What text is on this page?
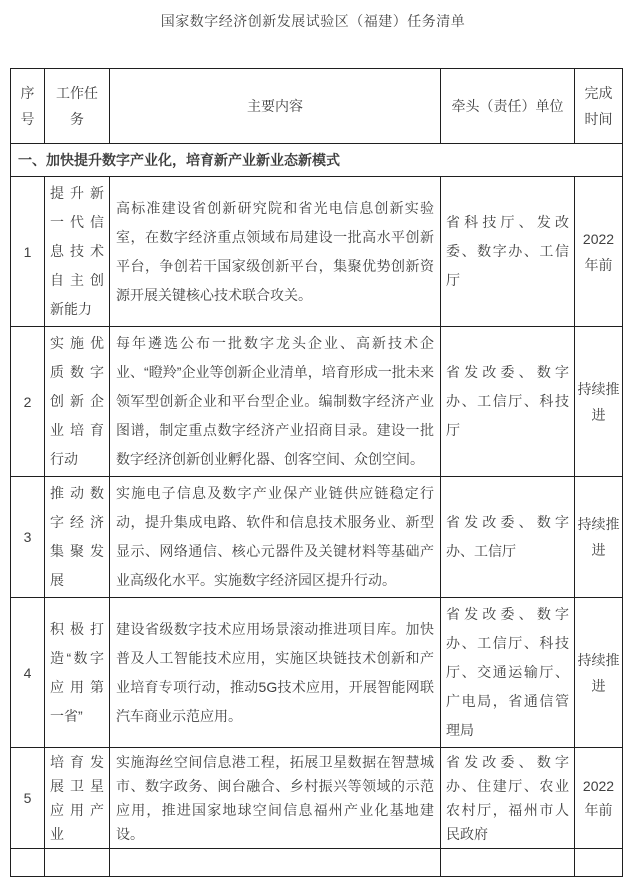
国家数字经济创新发展试验区（福建）任务清单
序号	工作任务	主要内容	牵头（责任）单位	完成时间
一、加快提升数字产业化，培育新产业新业态新模式				
1	提升新一代信息技术自主创新能力	高标准建设省创新研究院和省光电信息创新实验室，在数字经济重点领域布局建设一批高水平创新平台，争创若干国家级创新平台，集聚优势创新资源开展关键核心技术联合攻关。	省科技厅、发改委、数字办、工信厅	2022年前
2	实施优质数字创新企业培育行动	每年遴选公布一批数字龙头企业、高新技术企业、“瞪羚”企业等创新企业清单，培育形成一批未来领军型创新企业和平台型企业。编制数字经济产业图谱，制定重点数字经济产业招商目录。建设一批数字经济创新创业孵化器、创客空间、众创空间。	省发改委、数字办、工信厅、科技厅	持续推进
3	推动数字经济集聚发展	实施电子信息及数字产业保产业链供应链稳定行动，提升集成电路、软件和信息技术服务业、新型显示、网络通信、核心元器件及关键材料等基础产业高级化水平。实施数字经济园区提升行动。	省发改委、数字办、工信厅	持续推进
4	积极打造“数字应用第一省”	建设省级数字技术应用场景滚动推进项目库。加快普及人工智能技术应用，实施区块链技术创新和产业培育专项行动，推动5G技术应用，开展智能网联汽车商业示范应用。	省发改委、数字办、工信厅、科技厅、交通运输厅、广电局，省通信管理局	持续推进
5	培育发展卫星应用产业	实施海丝空间信息港工程，拓展卫星数据在智慧城市、数字政务、闽台融合、乡村振兴等领域的示范应用，推进国家地球空间信息福州产业化基地建设。	省发改委、数字办、住建厅、农业农村厅，福州市人民政府	2022年前
